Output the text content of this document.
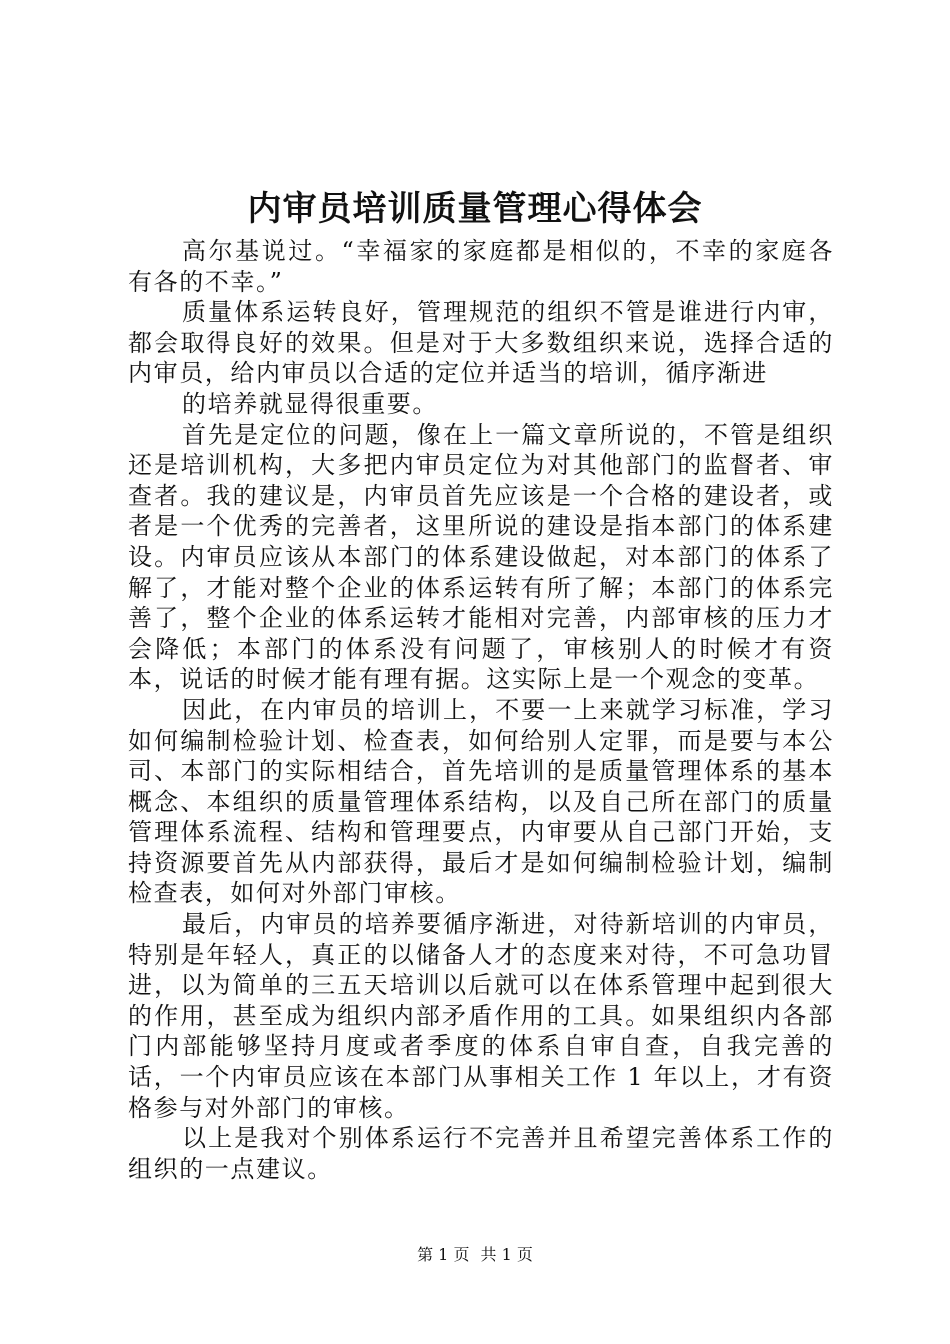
内审员培训质量管理心得体会

高尔基说过。“幸福家的家庭都是相似的，不幸的家庭各有各的不幸。”

质量体系运转良好，管理规范的组织不管是谁进行内审，都会取得良好的效果。但是对于大多数组织来说，选择合适的内审员，给内审员以合适的定位并适当的培训，循序渐进

的培养就显得很重要。

首先是定位的问题，像在上一篇文章所说的，不管是组织还是培训机构，大多把内审员定位为对其他部门的监督者、审查者。我的建议是，内审员首先应该是一个合格的建设者，或者是一个优秀的完善者，这里所说的建设是指本部门的体系建设。内审员应该从本部门的体系建设做起，对本部门的体系了解了，才能对整个企业的体系运转有所了解；本部门的体系完善了，整个企业的体系运转才能相对完善，内部审核的压力才会降低；本部门的体系没有问题了，审核别人的时候才有资本，说话的时候才能有理有据。这实际上是一个观念的变革。

因此，在内审员的培训上，不要一上来就学习标准，学习如何编制检验计划、检查表，如何给别人定罪，而是要与本公司、本部门的实际相结合，首先培训的是质量管理体系的基本概念、本组织的质量管理体系结构，以及自己所在部门的质量管理体系流程、结构和管理要点，内审要从自己部门开始，支持资源要首先从内部获得，最后才是如何编制检验计划，编制检查表，如何对外部门审核。

最后，内审员的培养要循序渐进，对待新培训的内审员，特别是年轻人，真正的以储备人才的态度来对待，不可急功冒进，以为简单的三五天培训以后就可以在体系管理中起到很大的作用，甚至成为组织内部矛盾作用的工具。如果组织内各部门内部能够坚持月度或者季度的体系自审自查，自我完善的话，一个内审员应该在本部门从事相关工作 1 年以上，才有资格参与对外部门的审核。

以上是我对个别体系运行不完善并且希望完善体系工作的组织的一点建议。

第 1 页 共 1 页
